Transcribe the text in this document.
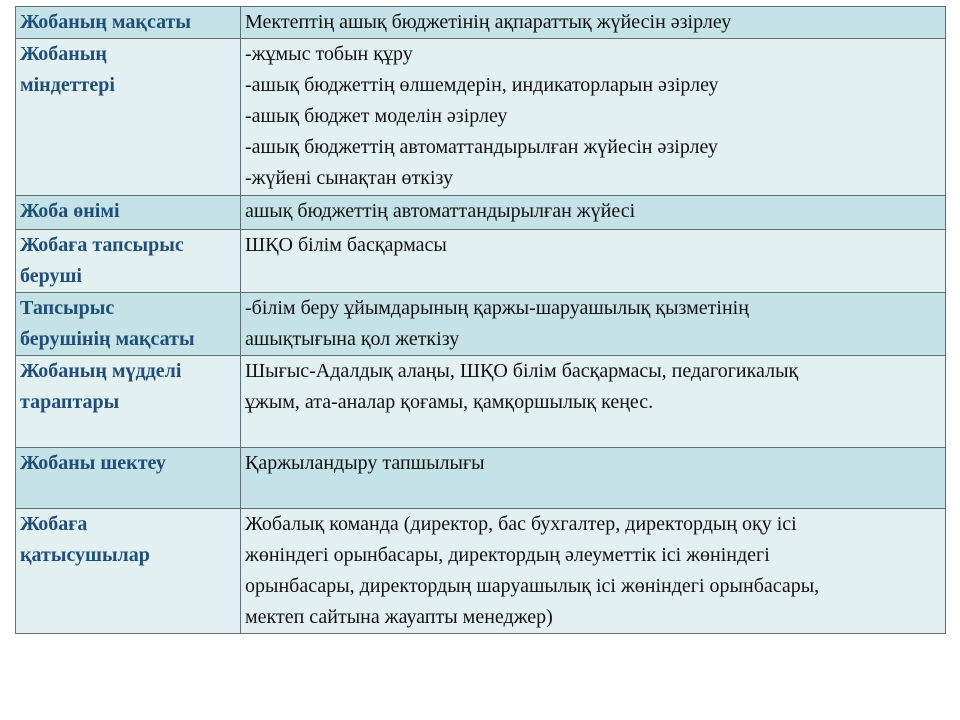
Жобаның мақсаты	Мектептің ашық бюджетінің ақпараттық жүйесін әзірлеу

Жобаның
міндеттері	-жұмыс тобын құру
-ашық бюджеттің өлшемдерін, индикаторларын әзірлеу
-ашық бюджет моделін әзірлеу
-ашық бюджеттің автоматтандырылған жүйесін әзірлеу
-жүйені сынақтан өткізу

Жоба өнімі	ашық бюджеттің автоматтандырылған жүйесі

Жобаға тапсырыс
беруші	ШҚО білім басқармасы

Тапсырыс
берушінің мақсаты	-білім беру ұйымдарының қаржы-шаруашылық қызметінің
ашықтығына қол жеткізу

Жобаның мүдделі
тараптары	Шығыс-Адалдық алаңы, ШҚО білім басқармасы, педагогикалық
ұжым, ата-аналар қоғамы, қамқоршылық кеңес.

Жобаны шектеу	Қаржыландыру тапшылығы

Жобаға
қатысушылар	Жобалық команда (директор, бас бухгалтер, директордың оқу ісі
жөніндегі орынбасары, директордың әлеуметтік ісі жөніндегі
орынбасары, директордың шаруашылық ісі жөніндегі орынбасары,
мектеп сайтына жауапты менеджер)
